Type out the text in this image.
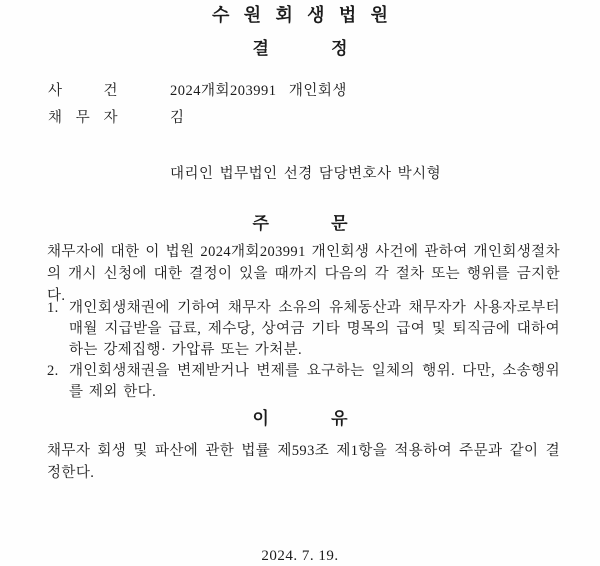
수 원 회 생 법 원
결 정
사 건	2024개회203991   개인회생
채 무 자	김
대리인 법무법인 선경 담당변호사 박시형
주 문
채무자에 대한 이 법원 2024개회203991 개인회생 사건에 관하여 개인회생절차의 개시 신청에 대한 결정이 있을 때까지 다음의 각 절차 또는 행위를 금지한다.
1. 개인회생채권에 기하여 채무자 소유의 유체동산과 채무자가 사용자로부터 매월 지급받을 급료, 제수당, 상여금 기타 명목의 급여 및 퇴직금에 대하여 하는 강제집행· 가압류 또는 가처분.
2. 개인회생채권을 변제받거나 변제를 요구하는 일체의 행위. 다만, 소송행위를 제외 한다.
이 유
채무자 회생 및 파산에 관한 법률 제593조 제1항을 적용하여 주문과 같이 결정한다.
2024. 7. 19.
